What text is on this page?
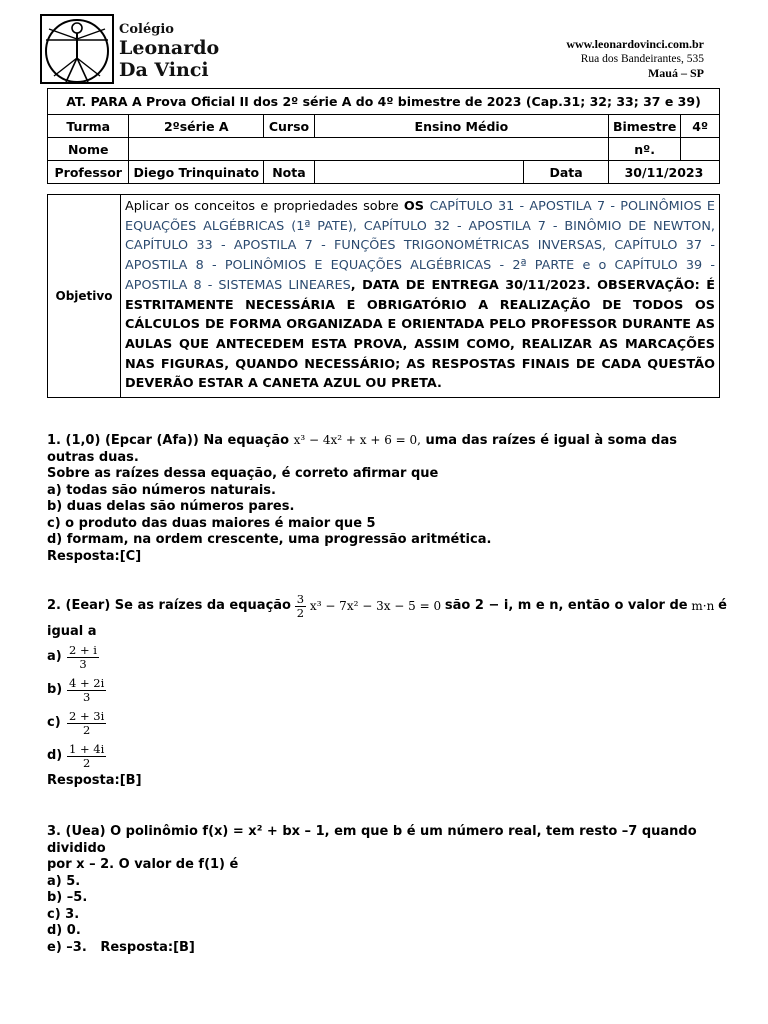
Colégio
Leonardo
Da Vinci
www.leonardovinci.com.br
Rua dos Bandeirantes, 535
Mauá – SP
AT. PARA A Prova Oficial II dos 2º série A do 4º bimestre de 2023 (Cap.31; 32; 33; 37 e 39)						
Turma	2ºsérie A	Curso	Ensino Médio		Bimestre	4º
Nome					nº.	
Professor	Diego Trinquinato	Nota		Data	30/11/2023	
Objetivo	Aplicar os conceitos e propriedades sobre OS CAPÍTULO 31 - APOSTILA 7 - POLINÔMIOS E EQUAÇÕES ALGÉBRICAS (1ª PATE), CAPÍTULO 32 - APOSTILA 7 - BINÔMIO DE NEWTON, CAPÍTULO 33 - APOSTILA 7 - FUNÇÕES TRIGONOMÉTRICAS INVERSAS, CAPÍTULO 37 - APOSTILA 8 - POLINÔMIOS E EQUAÇÕES ALGÉBRICAS - 2ª PARTE e o CAPÍTULO 39 - APOSTILA 8 - SISTEMAS LINEARES, DATA DE ENTREGA 30/11/2023. OBSERVAÇÃO: É ESTRITAMENTE NECESSÁRIA E OBRIGATÓRIO A REALIZAÇÃO DE TODOS OS CÁLCULOS DE FORMA ORGANIZADA E ORIENTADA PELO PROFESSOR DURANTE AS AULAS QUE ANTECEDEM ESTA PROVA, ASSIM COMO, REALIZAR AS MARCAÇÕES NAS FIGURAS, QUANDO NECESSÁRIO; AS RESPOSTAS FINAIS DE CADA QUESTÃO DEVERÃO ESTAR A CANETA AZUL OU PRETA.
1. (1,0) (Epcar (Afa)) Na equação x³ − 4x² + x + 6 = 0, uma das raízes é igual à soma das outras duas.
Sobre as raízes dessa equação, é correto afirmar que
a) todas são números naturais.
b) duas delas são números pares.
c) o produto das duas maiores é maior que 5
d) formam, na ordem crescente, uma progressão aritmética.
Resposta:[C]
2. (Eear) Se as raízes da equação $\frac{3}{2} x^3 - 7x^2 - 3x - 5 = 0$ são 2 − i, m e n, então o valor de m·n é
igual a
$a) \frac{2 + i}{3}$
$b) \frac{4 + 2i}{3}$
$c) \frac{2 + 3i}{2}$
$d) \frac{1 + 4i}{2}$
Resposta:[B]
3. (Uea) O polinômio f(x) = x² + bx – 1, em que b é um número real, tem resto –7 quando dividido
por x – 2. O valor de f(1) é
a) 5.
b) –5.
c) 3.
d) 0.
e) –3. Resposta:[B]
